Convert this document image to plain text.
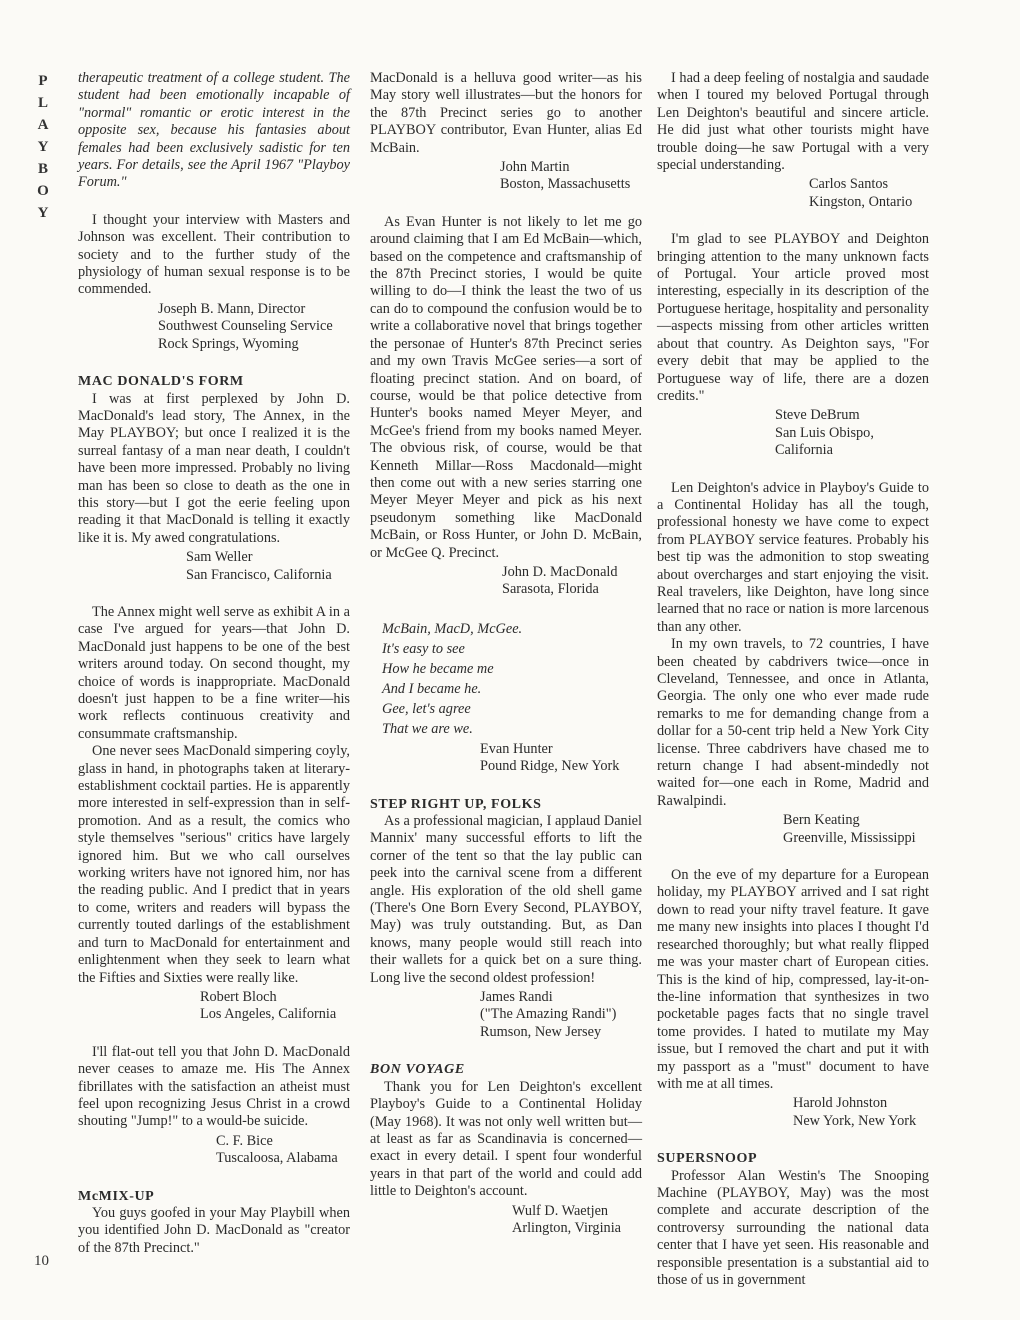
P
L
A
Y
B
O
Y
10

therapeutic treatment of a college student. The student had been emotionally incapable of "normal" romantic or erotic interest in the opposite sex, because his fantasies about females had been exclusively sadistic for ten years. For details, see the April 1967 "Playboy Forum."

I thought your interview with Masters and Johnson was excellent. Their contribution to society and to the further study of the physiology of human sexual response is to be commended.

Joseph B. Mann, Director
Southwest Counseling Service
Rock Springs, Wyoming
MAC DONALD'S FORM

I was at first perplexed by John D. MacDonald's lead story, The Annex, in the May PLAYBOY; but once I realized it is the surreal fantasy of a man near death, I couldn't have been more impressed. Probably no living man has been so close to death as the one in this story—but I got the eerie feeling upon reading it that MacDonald is telling it exactly like it is. My awed congratulations.

Sam Weller
San Francisco, California

The Annex might well serve as exhibit A in a case I've argued for years—that John D. MacDonald just happens to be one of the best writers around today. On second thought, my choice of words is inappropriate. MacDonald doesn't just happen to be a fine writer—his work reflects continuous creativity and consummate craftsmanship.

One never sees MacDonald simpering coyly, glass in hand, in photographs taken at literary-establishment cocktail parties. He is apparently more interested in self-expression than in self-promotion. And as a result, the comics who style themselves "serious" critics have largely ignored him. But we who call ourselves working writers have not ignored him, nor has the reading public. And I predict that in years to come, writers and readers will bypass the currently touted darlings of the establishment and turn to MacDonald for entertainment and enlightenment when they seek to learn what the Fifties and Sixties were really like.

Robert Bloch
Los Angeles, California

I'll flat-out tell you that John D. MacDonald never ceases to amaze me. His The Annex fibrillates with the satisfaction an atheist must feel upon recognizing Jesus Christ in a crowd shouting "Jump!" to a would-be suicide.

C. F. Bice
Tuscaloosa, Alabama
McMIX-UP

You guys goofed in your May Playbill when you identified John D. MacDonald as "creator of the 87th Precinct."

MacDonald is a helluva good writer—as his May story well illustrates—but the honors for the 87th Precinct series go to another PLAYBOY contributor, Evan Hunter, alias Ed McBain.

John Martin
Boston, Massachusetts

As Evan Hunter is not likely to let me go around claiming that I am Ed McBain—which, based on the competence and craftsmanship of the 87th Precinct stories, I would be quite willing to do—I think the least the two of us can do to compound the confusion would be to write a collaborative novel that brings together the personae of Hunter's 87th Precinct series and my own Travis McGee series—a sort of floating precinct station. And on board, of course, would be that police detective from Hunter's books named Meyer Meyer, and McGee's friend from my books named Meyer. The obvious risk, of course, would be that Kenneth Millar—Ross Macdonald—might then come out with a new series starring one Meyer Meyer Meyer and pick as his next pseudonym something like MacDonald McBain, or Ross Hunter, or John D. McBain, or McGee Q. Precinct.

John D. MacDonald
Sarasota, Florida
McBain, MacD, McGee.
It's easy to see
How he became me
And I became he.
Gee, let's agree
That we are we.
Evan Hunter
Pound Ridge, New York
STEP RIGHT UP, FOLKS

As a professional magician, I applaud Daniel Mannix' many successful efforts to lift the corner of the tent so that the lay public can peek into the carnival scene from a different angle. His exploration of the old shell game (There's One Born Every Second, PLAYBOY, May) was truly outstanding. But, as Dan knows, many people would still reach into their wallets for a quick bet on a sure thing. Long live the second oldest profession!

James Randi
("The Amazing Randi")
Rumson, New Jersey
BON VOYAGE

Thank you for Len Deighton's excellent Playboy's Guide to a Continental Holiday (May 1968). It was not only well written but—at least as far as Scandinavia is concerned—exact in every detail. I spent four wonderful years in that part of the world and could add little to Deighton's account.

Wulf D. Waetjen
Arlington, Virginia

I had a deep feeling of nostalgia and saudade when I toured my beloved Portugal through Len Deighton's beautiful and sincere article. He did just what other tourists might have trouble doing—he saw Portugal with a very special understanding.

Carlos Santos
Kingston, Ontario

I'm glad to see PLAYBOY and Deighton bringing attention to the many unknown facts of Portugal. Your article proved most interesting, especially in its description of the Portuguese heritage, hospitality and personality—aspects missing from other articles written about that country. As Deighton says, "For every debit that may be applied to the Portuguese way of life, there are a dozen credits."

Steve DeBrum
San Luis Obispo, California

Len Deighton's advice in Playboy's Guide to a Continental Holiday has all the tough, professional honesty we have come to expect from PLAYBOY service features. Probably his best tip was the admonition to stop sweating about overcharges and start enjoying the visit. Real travelers, like Deighton, have long since learned that no race or nation is more larcenous than any other.

In my own travels, to 72 countries, I have been cheated by cabdrivers twice—once in Cleveland, Tennessee, and once in Atlanta, Georgia. The only one who ever made rude remarks to me for demanding change from a dollar for a 50-cent trip held a New York City license. Three cabdrivers have chased me to return change I had absent-mindedly not waited for—one each in Rome, Madrid and Rawalpindi.

Bern Keating
Greenville, Mississippi

On the eve of my departure for a European holiday, my PLAYBOY arrived and I sat right down to read your nifty travel feature. It gave me many new insights into places I thought I'd researched thoroughly; but what really flipped me was your master chart of European cities. This is the kind of hip, compressed, lay-it-on-the-line information that synthesizes in two pocketable pages facts that no single travel tome provides. I hated to mutilate my May issue, but I removed the chart and put it with my passport as a "must" document to have with me at all times.

Harold Johnston
New York, New York
SUPERSNOOP

Professor Alan Westin's The Snooping Machine (PLAYBOY, May) was the most complete and accurate description of the controversy surrounding the national data center that I have yet seen. His reasonable and responsible presentation is a substantial aid to those of us in government
